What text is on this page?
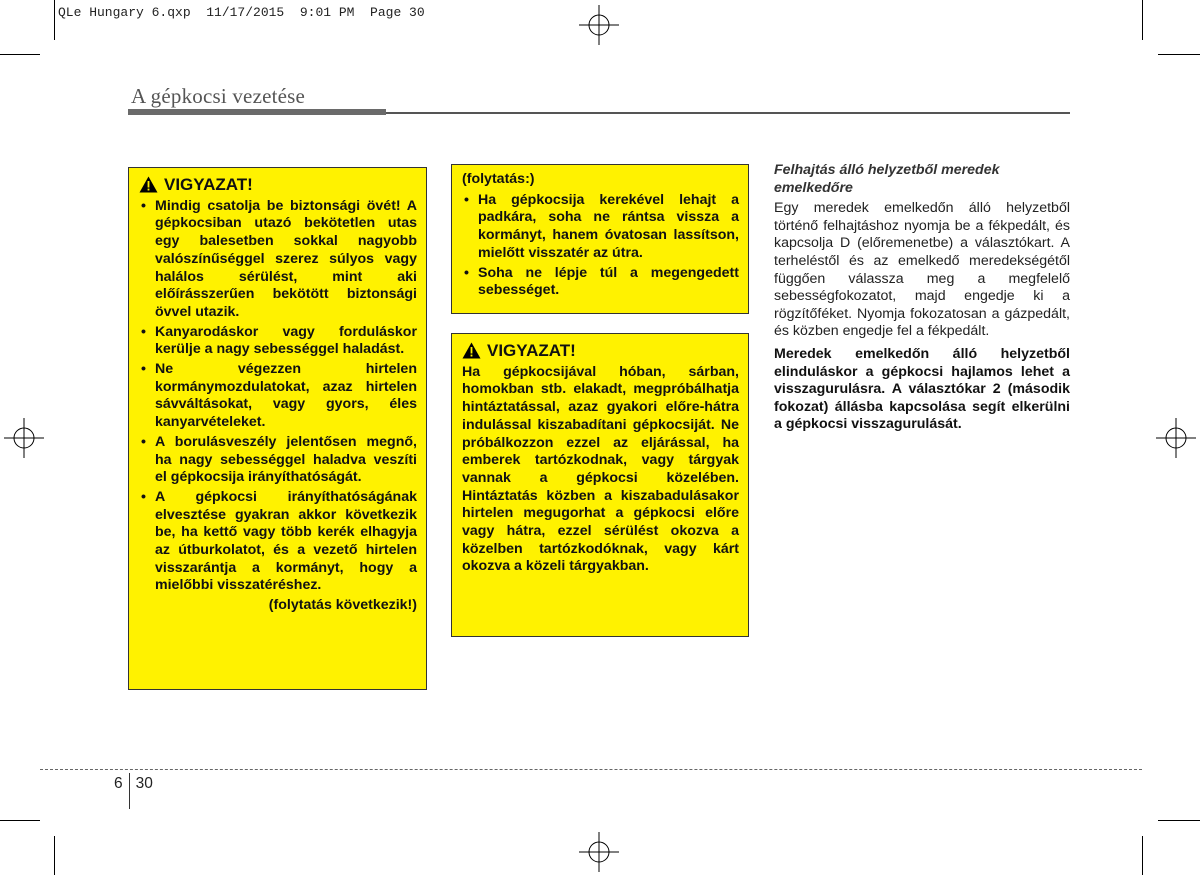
QLe Hungary 6.qxp  11/17/2015  9:01 PM  Page 30
A gépkocsi vezetése
VIGYAZAT!
• Mindig csatolja be biztonsági övét! A gépkocsiban utazó bekötetlen utas egy balesetben sokkal nagyobb valószínűséggel szerez súlyos vagy halálos sérülést, mint aki előírásszerűen bekötött biztonsági övvel utazik.
• Kanyarodáskor vagy forduláskor kerülje a nagy sebességgel haladást.
• Ne végezzen hirtelen kormánymozdulatokat, azaz hirtelen sávváltásokat, vagy gyors, éles kanyarvételeket.
• A borulásveszély jelentősen megnő, ha nagy sebességgel haladva veszíti el gépkocsija irányíthatóságát.
• A gépkocsi irányíthatóságának elvesztése gyakran akkor következik be, ha kettő vagy több kerék elhagyja az útburkolatot, és a vezető hirtelen visszarántja a kormányt, hogy a mielőbbi visszatéréshez.
(folytatás következik!)

(folytatás:)

• Ha gépkocsija kerekével lehajt a padkára, soha ne rántsa vissza a kormányt, hanem óvatosan lassítson, mielőtt visszatér az útra.
• Soha ne lépje túl a megengedett sebességet.
VIGYAZAT!

Ha gépkocsijával hóban, sárban, homokban stb. elakadt, megpróbálhatja hintáztatással, azaz gyakori előre-hátra indulással kiszabadítani gépkocsiját. Ne próbálkozzon ezzel az eljárással, ha emberek tartózkodnak, vagy tárgyak vannak a gépkocsi közelében. Hintáztatás közben a kiszabadulásakor hirtelen megugorhat a gépkocsi előre vagy hátra, ezzel sérülést okozva a közelben tartózkodóknak, vagy kárt okozva a közeli tárgyakban.

Felhajtás álló helyzetből meredek emelkedőre

Egy meredek emelkedőn álló helyzetből történő felhajtáshoz nyomja be a fékpedált, és kapcsolja D (előremenetbe) a választókart. A terheléstől és az emelkedő meredekségétől függően válassza meg a megfelelő sebességfokozatot, majd engedje ki a rögzítőféket. Nyomja fokozatosan a gázpedált, és közben engedje fel a fékpedált.

Meredek emelkedőn álló helyzetből elinduláskor a gépkocsi hajlamos lehet a visszagurulásra. A választókar 2 (második fokozat) állásba kapcsolása segít elkerülni a gépkocsi visszagurulását.

6 30
